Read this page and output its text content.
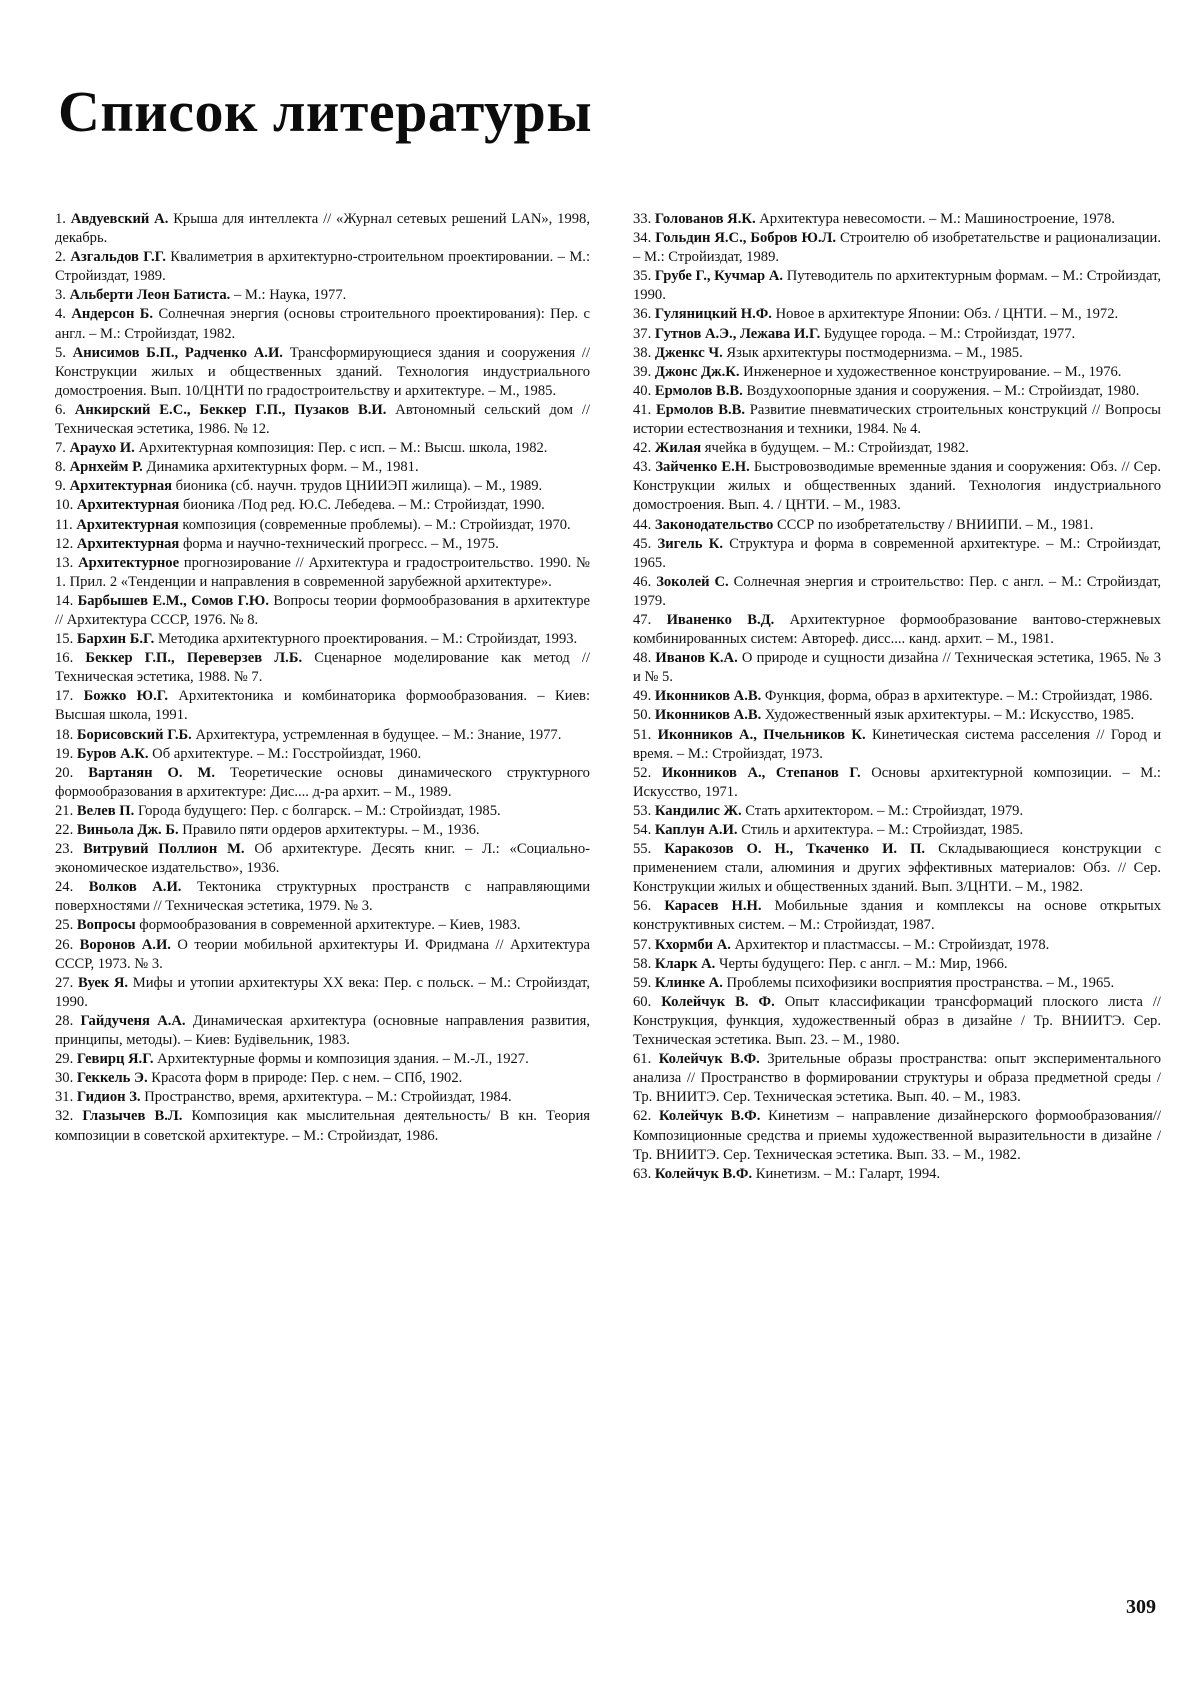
Список литературы

1. Авдуевский А. Крыша для интеллекта // «Журнал сетевых решений LAN», 1998, декабрь.

2. Азгальдов Г.Г. Квалиметрия в архитектурно-строительном проектировании. – М.: Стройиздат, 1989.

3. Альберти Леон Батиста. – М.: Наука, 1977.

4. Андерсон Б. Солнечная энергия (основы строительного проектирования): Пер. с англ. – М.: Стройиздат, 1982.

5. Анисимов Б.П., Радченко А.И. Трансформирующиеся здания и сооружения // Конструкции жилых и общественных зданий. Технология индустриального домостроения. Вып. 10/ЦНТИ по градостроительству и архитектуре. – М., 1985.

6. Анкирский Е.С., Беккер Г.П., Пузаков В.И. Автономный сельский дом // Техническая эстетика, 1986. № 12.

7. Араухо И. Архитектурная композиция: Пер. с исп. – М.: Высш. школа, 1982.

8. Арнхейм Р. Динамика архитектурных форм. – М., 1981.

9. Архитектурная бионика (сб. научн. трудов ЦНИИЭП жилища). – М., 1989.

10. Архитектурная бионика /Под ред. Ю.С. Лебедева. – М.: Стройиздат, 1990.

11. Архитектурная композиция (современные проблемы). – М.: Стройиздат, 1970.

12. Архитектурная форма и научно-технический прогресс. – М., 1975.

13. Архитектурное прогнозирование // Архитектура и градостроительство. 1990. № 1. Прил. 2 «Тенденции и направления в современной зарубежной архитектуре».

14. Барбышев Е.М., Сомов Г.Ю. Вопросы теории формообразования в архитектуре // Архитектура СССР, 1976. № 8.

15. Бархин Б.Г. Методика архитектурного проектирования. – М.: Стройиздат, 1993.

16. Беккер Г.П., Переверзев Л.Б. Сценарное моделирование как метод // Техническая эстетика, 1988. № 7.

17. Божко Ю.Г. Архитектоника и комбинаторика формообразования. – Киев: Высшая школа, 1991.

18. Борисовский Г.Б. Архитектура, устремленная в будущее. – М.: Знание, 1977.

19. Буров А.К. Об архитектуре. – М.: Госстройиздат, 1960.

20. Вартанян О. М. Теоретические основы динамического структурного формообразования в архитектуре: Дис.... д-ра архит. – М., 1989.

21. Велев П. Города будущего: Пер. с болгарск. – М.: Стройиздат, 1985.

22. Виньола Дж. Б. Правило пяти ордеров архитектуры. – М., 1936.

23. Витрувий Поллион М. Об архитектуре. Десять книг. – Л.: «Социально-экономическое издательство», 1936.

24. Волков А.И. Тектоника структурных пространств с направляющими поверхностями // Техническая эстетика, 1979. № 3.

25. Вопросы формообразования в современной архитектуре. – Киев, 1983.

26. Воронов А.И. О теории мобильной архитектуры И. Фридмана // Архитектура СССР, 1973. № 3.

27. Вуек Я. Мифы и утопии архитектуры XX века: Пер. с польск. – М.: Стройиздат, 1990.

28. Гайдученя А.А. Динамическая архитектура (основные направления развития, принципы, методы). – Киев: Будівельник, 1983.

29. Гевирц Я.Г. Архитектурные формы и композиция здания. – М.-Л., 1927.

30. Геккель Э. Красота форм в природе: Пер. с нем. – СПб, 1902.

31. Гидион З. Пространство, время, архитектура. – М.: Стройиздат, 1984.

32. Глазычев В.Л. Композиция как мыслительная деятельность/ В кн. Теория композиции в советской архитектуре. – М.: Стройиздат, 1986.

33. Голованов Я.К. Архитектура невесомости. – М.: Машиностроение, 1978.

34. Гольдин Я.С., Бобров Ю.Л. Строителю об изобретательстве и рационализации. – М.: Стройиздат, 1989.

35. Грубе Г., Кучмар А. Путеводитель по архитектурным формам. – М.: Стройиздат, 1990.

36. Гуляницкий Н.Ф. Новое в архитектуре Японии: Обз. / ЦНТИ. – М., 1972.

37. Гутнов А.Э., Лежава И.Г. Будущее города. – М.: Стройиздат, 1977.

38. Дженкс Ч. Язык архитектуры постмодернизма. – М., 1985.

39. Джонс Дж.К. Инженерное и художественное конструирование. – М., 1976.

40. Ермолов В.В. Воздухоопорные здания и сооружения. – М.: Стройиздат, 1980.

41. Ермолов В.В. Развитие пневматических строительных конструкций // Вопросы истории естествознания и техники, 1984. № 4.

42. Жилая ячейка в будущем. – М.: Стройиздат, 1982.

43. Зайченко Е.Н. Быстровозводимые временные здания и сооружения: Обз. // Сер. Конструкции жилых и общественных зданий. Технология индустриального домостроения. Вып. 4. / ЦНТИ. – М., 1983.

44. Законодательство СССР по изобретательству / ВНИИПИ. – М., 1981.

45. Зигель К. Структура и форма в современной архитектуре. – М.: Стройиздат, 1965.

46. Зоколей С. Солнечная энергия и строительство: Пер. с англ. – М.: Стройиздат, 1979.

47. Иваненко В.Д. Архитектурное формообразование вантово-стержневых комбинированных систем: Автореф. дисс.... канд. архит. – М., 1981.

48. Иванов К.А. О природе и сущности дизайна // Техническая эстетика, 1965. № 3 и № 5.

49. Иконников А.В. Функция, форма, образ в архитектуре. – М.: Стройиздат, 1986.

50. Иконников А.В. Художественный язык архитектуры. – М.: Искусство, 1985.

51. Иконников А., Пчельников К. Кинетическая система расселения // Город и время. – М.: Стройиздат, 1973.

52. Иконников А., Степанов Г. Основы архитектурной композиции. – М.: Искусство, 1971.

53. Кандилис Ж. Стать архитектором. – М.: Стройиздат, 1979.

54. Каплун А.И. Стиль и архитектура. – М.: Стройиздат, 1985.

55. Каракозов О. Н., Ткаченко И. П. Складывающиеся конструкции с применением стали, алюминия и других эффективных материалов: Обз. // Сер. Конструкции жилых и общественных зданий. Вып. 3/ЦНТИ. – М., 1982.

56. Карасев Н.Н. Мобильные здания и комплексы на основе открытых конструктивных систем. – М.: Стройиздат, 1987.

57. Кхормби А. Архитектор и пластмассы. – М.: Стройиздат, 1978.

58. Кларк А. Черты будущего: Пер. с англ. – М.: Мир, 1966.

59. Клинке А. Проблемы психофизики восприятия пространства. – М., 1965.

60. Колейчук В. Ф. Опыт классификации трансформаций плоского листа // Конструкция, функция, художественный образ в дизайне / Тр. ВНИИТЭ. Сер. Техническая эстетика. Вып. 23. – М., 1980.

61. Колейчук В.Ф. Зрительные образы пространства: опыт экспериментального анализа // Пространство в формировании структуры и образа предметной среды / Тр. ВНИИТЭ. Сер. Техническая эстетика. Вып. 40. – М., 1983.

62. Колейчук В.Ф. Кинетизм – направление дизайнерского формообразования//Композиционные средства и приемы художественной выразительности в дизайне / Тр. ВНИИТЭ. Сер. Техническая эстетика. Вып. 33. – М., 1982.

63. Колейчук В.Ф. Кинетизм. – М.: Галарт, 1994.

309
